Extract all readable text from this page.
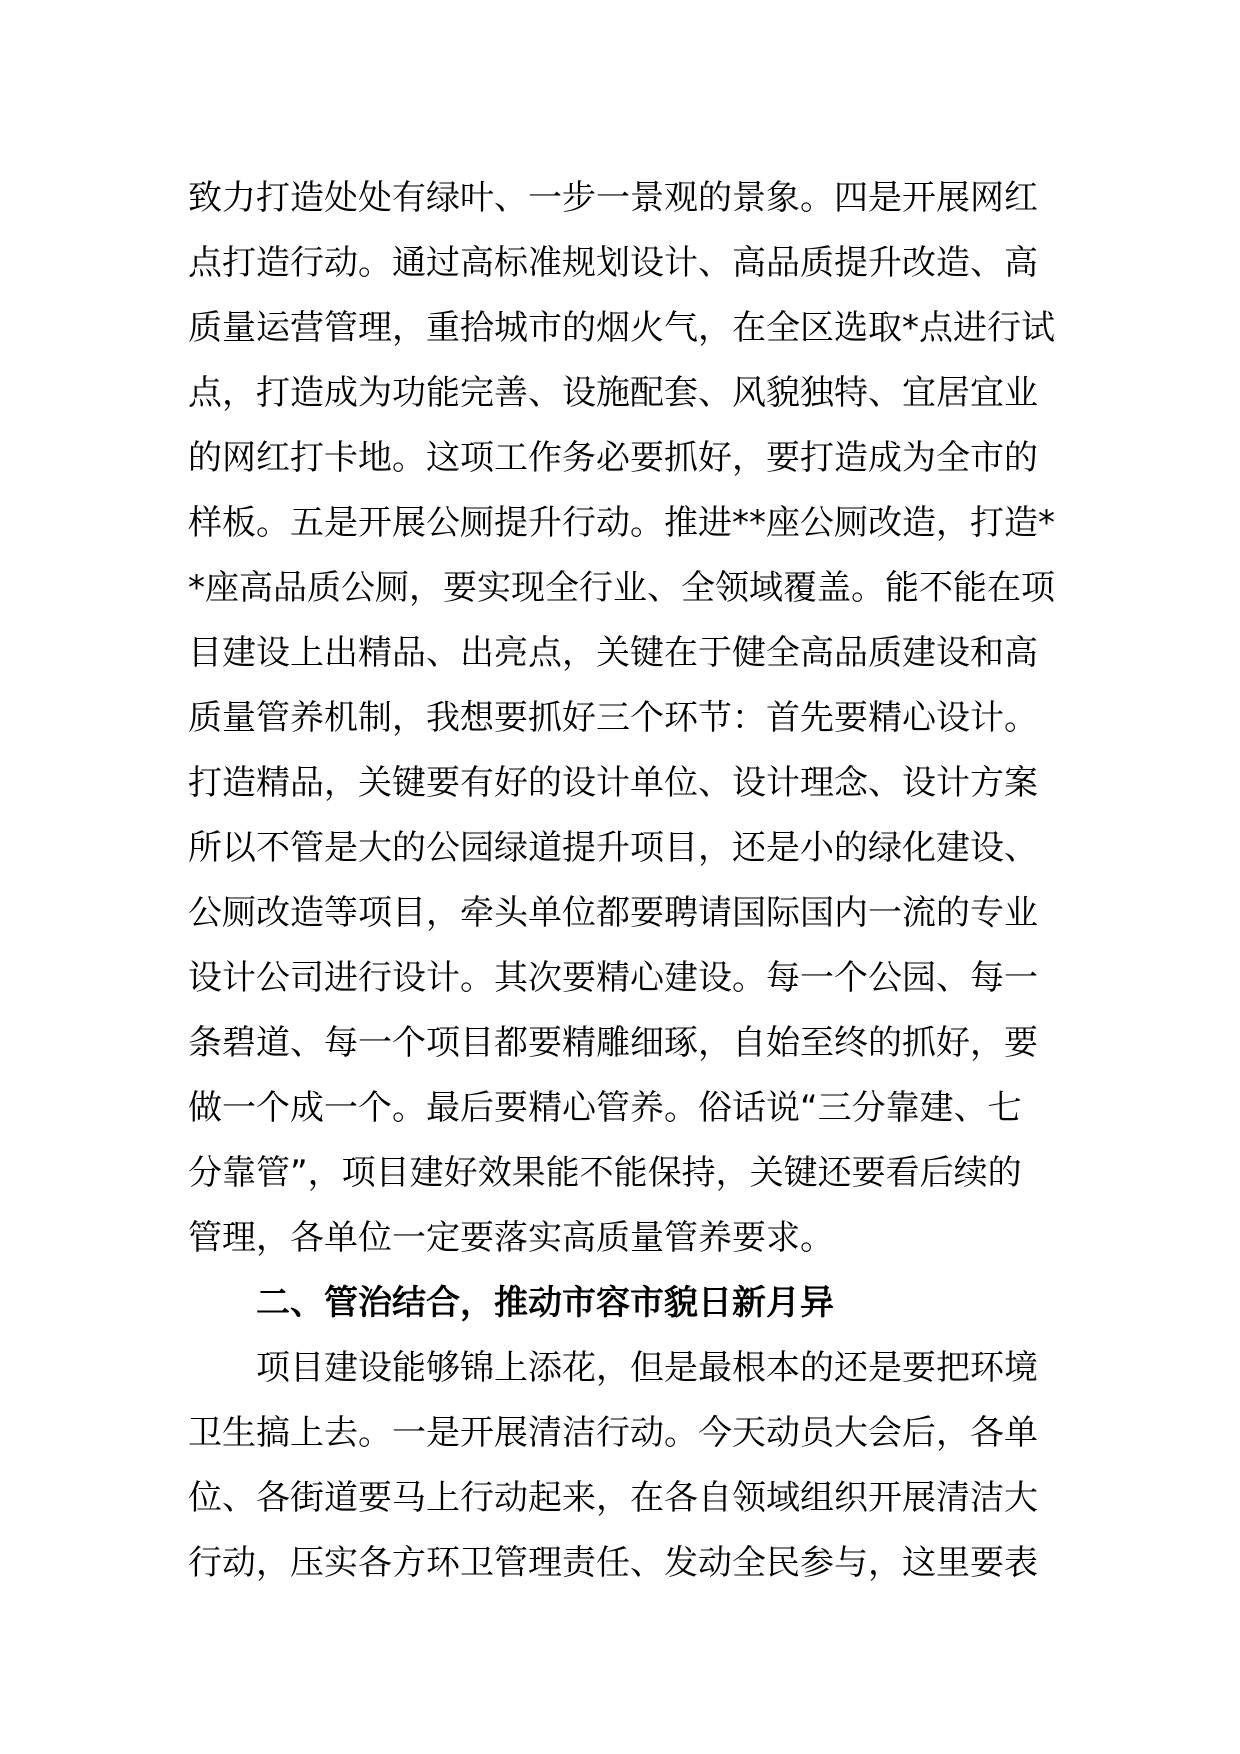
致力打造处处有绿叶、一步一景观的景象。四是开展网红
点打造行动。通过高标准规划设计、高品质提升改造、高
质量运营管理，重拾城市的烟火气，在全区选取*点进行试
点，打造成为功能完善、设施配套、风貌独特、宜居宜业
的网红打卡地。这项工作务必要抓好，要打造成为全市的
样板。五是开展公厕提升行动。推进**座公厕改造，打造*
*座高品质公厕，要实现全行业、全领域覆盖。能不能在项
目建设上出精品、出亮点，关键在于健全高品质建设和高
质量管养机制，我想要抓好三个环节：首先要精心设计。
打造精品，关键要有好的设计单位、设计理念、设计方案
所以不管是大的公园绿道提升项目，还是小的绿化建设、
公厕改造等项目，牵头单位都要聘请国际国内一流的专业
设计公司进行设计。其次要精心建设。每一个公园、每一
条碧道、每一个项目都要精雕细琢，自始至终的抓好，要
做一个成一个。最后要精心管养。俗话说“三分靠建、七
分靠管”，项目建好效果能不能保持，关键还要看后续的
管理，各单位一定要落实高质量管养要求。
二、管治结合，推动市容市貌日新月异
项目建设能够锦上添花，但是最根本的还是要把环境
卫生搞上去。一是开展清洁行动。今天动员大会后，各单
位、各街道要马上行动起来，在各自领域组织开展清洁大
行动，压实各方环卫管理责任、发动全民参与，这里要表
